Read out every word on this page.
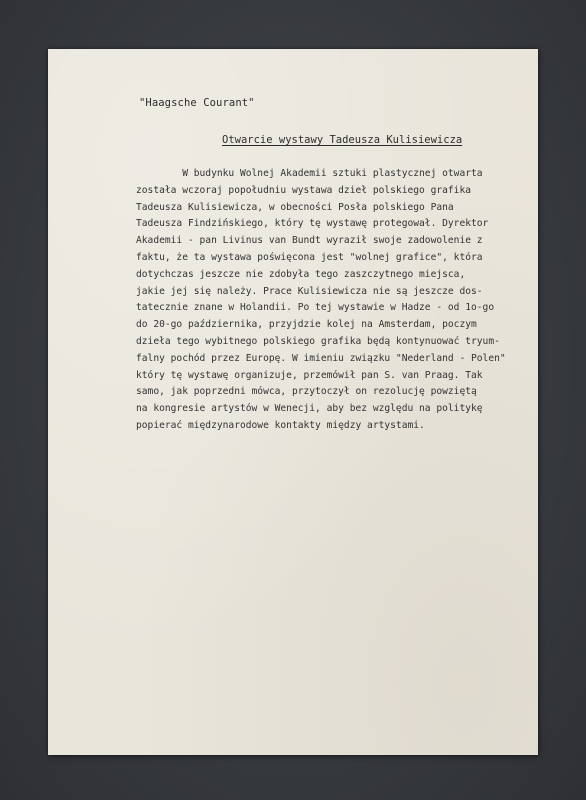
"Haagsche Courant"
Otwarcie wystawy Tadeusza Kulisiewicza
W budynku Wolnej Akademii sztuki plastycznej otwarta
została wczoraj popołudniu wystawa dzieł polskiego grafika
Tadeusza Kulisiewicza, w obecności Posła polskiego Pana
Tadeusza Findzińskiego, który tę wystawę protegował. Dyrektor
Akademii - pan Livinus van Bundt wyraził swoje zadowolenie z
faktu, że ta wystawa poświęcona jest "wolnej grafice", która
dotychczas jeszcze nie zdobyła tego zaszczytnego miejsca,
jakie jej się należy. Prace Kulisiewicza nie są jeszcze dos-
tatecznie znane w Holandii. Po tej wystawie w Hadze - od 1o-go
do 20-go października, przyjdzie kolej na Amsterdam, poczym
dzieła tego wybitnego polskiego grafika będą kontynuować tryum-
falny pochód przez Europę. W imieniu związku "Nederland - Polen"
który tę wystawę organizuje, przemówił pan S. van Praag. Tak
samo, jak poprzedni mówca, przytoczył on rezolucję powziętą
na kongresie artystów w Wenecji, aby bez względu na politykę
popierać międzynarodowe kontakty między artystami.
